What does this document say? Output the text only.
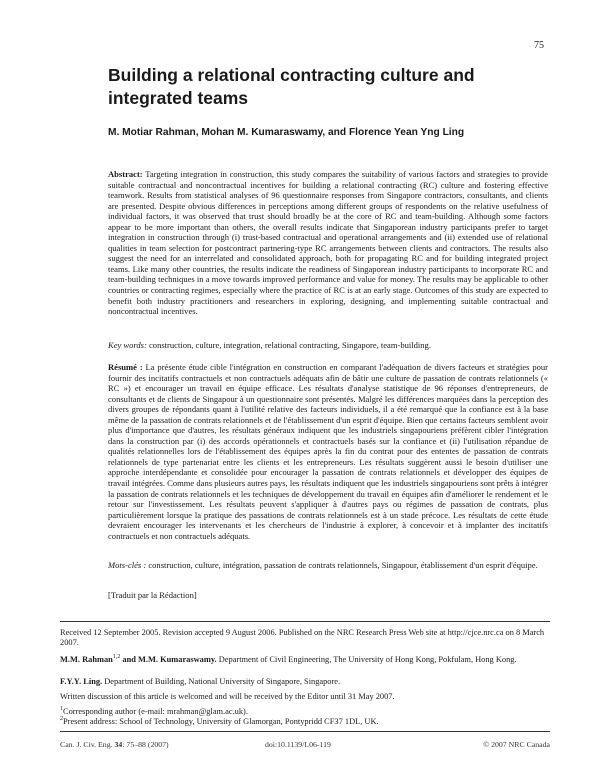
75
Building a relational contracting culture and integrated teams
M. Motiar Rahman, Mohan M. Kumaraswamy, and Florence Yean Yng Ling
Abstract: Targeting integration in construction, this study compares the suitability of various factors and strategies to provide suitable contractual and noncontractual incentives for building a relational contracting (RC) culture and fostering effective teamwork. Results from statistical analyses of 96 questionnaire responses from Singapore contractors, consultants, and clients are presented. Despite obvious differences in perceptions among different groups of respondents on the relative usefulness of individual factors, it was observed that trust should broadly be at the core of RC and team-building. Although some factors appear to be more important than others, the overall results indicate that Singaporean industry participants prefer to target integration in construction through (i) trust-based contractual and operational arrangements and (ii) extended use of relational qualities in team selection for postcontract partnering-type RC arrangements between clients and contractors. The results also suggest the need for an interrelated and consolidated approach, both for propagating RC and for building integrated project teams. Like many other countries, the results indicate the readiness of Singaporean industry participants to incorporate RC and team-building techniques in a move towards improved performance and value for money. The results may be applicable to other countries or contracting regimes, especially where the practice of RC is at an early stage. Outcomes of this study are expected to benefit both industry practitioners and researchers in exploring, designing, and implementing suitable contractual and noncontractual incentives.
Key words: construction, culture, integration, relational contracting, Singapore, team-building.
Résumé : La présente étude cible l'intégration en construction en comparant l'adéquation de divers facteurs et stratégies pour fournir des incitatifs contractuels et non contractuels adéquats afin de bâtir une culture de passation de contrats relationnels (« RC ») et encourager un travail en équipe efficace. Les résultats d'analyse statistique de 96 réponses d'entrepreneurs, de consultants et de clients de Singapour à un questionnaire sont présentés. Malgré les différences marquées dans la perception des divers groupes de répondants quant à l'utilité relative des facteurs individuels, il a été remarqué que la confiance est à la base même de la passation de contrats relationnels et de l'établissement d'un esprit d'équipe. Bien que certains facteurs semblent avoir plus d'importance que d'autres, les résultats généraux indiquent que les industriels singapouriens préfèrent cibler l'intégration dans la construction par (i) des accords opérationnels et contractuels basés sur la confiance et (ii) l'utilisation répandue de qualités relationnelles lors de l'établissement des équipes après la fin du contrat pour des ententes de passation de contrats relationnels de type partenariat entre les clients et les entrepreneurs. Les résultats suggèrent aussi le besoin d'utiliser une approche interdépendante et consolidée pour encourager la passation de contrats relationnels et développer des équipes de travail intégrées. Comme dans plusieurs autres pays, les résultats indiquent que les industriels singapouriens sont prêts à intégrer la passation de contrats relationnels et les techniques de développement du travail en équipes afin d'améliorer le rendement et le retour sur l'investissement. Les résultats peuvent s'appliquer à d'autres pays ou régimes de passation de contrats, plus particulièrement lorsque la pratique des passations de contrats relationnels est à un stade précoce. Les résultats de cette étude devraient encourager les intervenants et les chercheurs de l'industrie à explorer, à concevoir et à implanter des incitatifs contractuels et non contractuels adéquats.
Mots-clés : construction, culture, intégration, passation de contrats relationnels, Singapour, établissement d'un esprit d'équipe.
[Traduit par la Rédaction]
Received 12 September 2005. Revision accepted 9 August 2006. Published on the NRC Research Press Web site at http://cjce.nrc.ca on 8 March 2007.
M.M. Rahman$^{1,2}$ and M.M. Kumaraswamy. Department of Civil Engineering, The University of Hong Kong, Pokfulam, Hong Kong.
F.Y.Y. Ling. Department of Building, National University of Singapore, Singapore.
Written discussion of this article is welcomed and will be received by the Editor until 31 May 2007.
$^1$Corresponding author (e-mail: mrahman@glam.ac.uk).
$^2$Present address: School of Technology, University of Glamorgan, Pontypridd CF37 1DL, UK.
Can. J. Civ. Eng. 34: 75–88 (2007)	doi:10.1139/L06-119	© 2007 NRC Canada
